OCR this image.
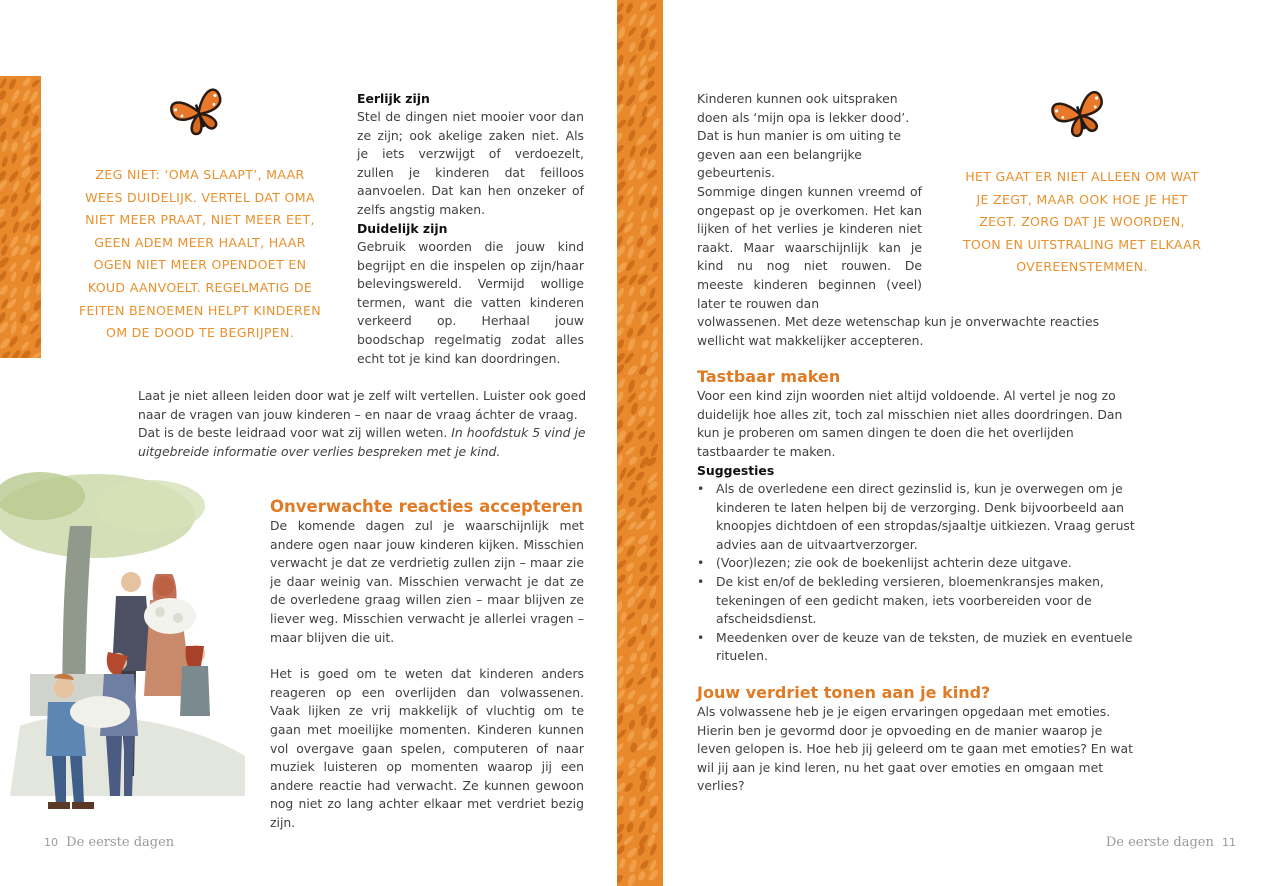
ZEG NIET: ‘OMA SLAAPT’, MAAR WEES DUIDELIJK. VERTEL DAT OMA NIET MEER PRAAT, NIET MEER EET, GEEN ADEM MEER HAALT, HAAR OGEN NIET MEER OPENDOET EN KOUD AANVOELT. REGELMATIG DE FEITEN BENOEMEN HELPT KINDEREN OM DE DOOD TE BEGRIJPEN.

Eerlijk zijn

Stel de dingen niet mooier voor dan ze zijn; ook akelige zaken niet. Als je iets verzwijgt of verdoezelt, zullen je kinderen dat feilloos aanvoelen. Dat kan hen onzeker of zelfs angstig maken.

Duidelijk zijn

Gebruik woorden die jouw kind begrijpt en die inspelen op zijn/haar belevingswereld. Vermijd wollige termen, want die vatten kinderen verkeerd op. Herhaal jouw boodschap regelmatig zodat alles echt tot je kind kan doordringen.

Laat je niet alleen leiden door wat je zelf wilt vertellen. Luister ook goed naar de vragen van jouw kinderen – en naar de vraag áchter de vraag. Dat is de beste leidraad voor wat zij willen weten. In hoofdstuk 5 vind je uitgebreide informatie over verlies bespreken met je kind.

Onverwachte reacties accepteren

De komende dagen zul je waarschijnlijk met andere ogen naar jouw kinderen kijken. Misschien verwacht je dat ze verdrietig zullen zijn – maar zie je daar weinig van. Misschien verwacht je dat ze de overledene graag willen zien – maar blijven ze liever weg. Misschien verwacht je allerlei vragen – maar blijven die uit.

Het is goed om te weten dat kinderen anders reageren op een overlijden dan volwassenen. Vaak lijken ze vrij makkelijk of vluchtig om te gaan met moeilijke momenten. Kinderen kunnen vol overgave gaan spelen, computeren of naar muziek luisteren op momenten waarop jij een andere reactie had verwacht. Ze kunnen gewoon nog niet zo lang achter elkaar met verdriet bezig zijn.

10 De eerste dagen
Kinderen kunnen ook uitspraken doen als ‘mijn opa is lekker dood’. Dat is hun manier is om uiting te geven aan een belangrijke gebeurtenis.

Sommige dingen kunnen vreemd of ongepast op je overkomen. Het kan lijken of het verlies je kinderen niet raakt. Maar waarschijnlijk kan je kind nu nog niet rouwen. De meeste kinderen beginnen (veel) later te rouwen dan

volwassenen. Met deze wetenschap kun je onverwachte reacties wellicht wat makkelijker accepteren.

HET GAAT ER NIET ALLEEN OM WAT JE ZEGT, MAAR OOK HOE JE HET ZEGT. ZORG DAT JE WOORDEN, TOON EN UITSTRALING MET ELKAAR OVEREENSTEMMEN.

Tastbaar maken

Voor een kind zijn woorden niet altijd voldoende. Al vertel je nog zo duidelijk hoe alles zit, toch zal misschien niet alles doordringen. Dan kun je proberen om samen dingen te doen die het overlijden tastbaarder te maken.

Suggesties

• Als de overledene een direct gezinslid is, kun je overwegen om je kinderen te laten helpen bij de verzorging. Denk bijvoorbeeld aan knoopjes dichtdoen of een stropdas/sjaaltje uitkiezen. Vraag gerust advies aan de uitvaartverzorger.
• (Voor)lezen; zie ook de boekenlijst achterin deze uitgave.
• De kist en/of de bekleding versieren, bloemenkransjes maken, tekeningen of een gedicht maken, iets voorbereiden voor de afscheidsdienst.
• Meedenken over de keuze van de teksten, de muziek en eventuele ritueIen.

Jouw verdriet tonen aan je kind?

Als volwassene heb je je eigen ervaringen opgedaan met emoties. Hierin ben je gevormd door je opvoeding en de manier waarop je leven gelopen is. Hoe heb jij geleerd om te gaan met emoties? En wat wil jij aan je kind leren, nu het gaat over emoties en omgaan met verlies?

De eerste dagen 11
